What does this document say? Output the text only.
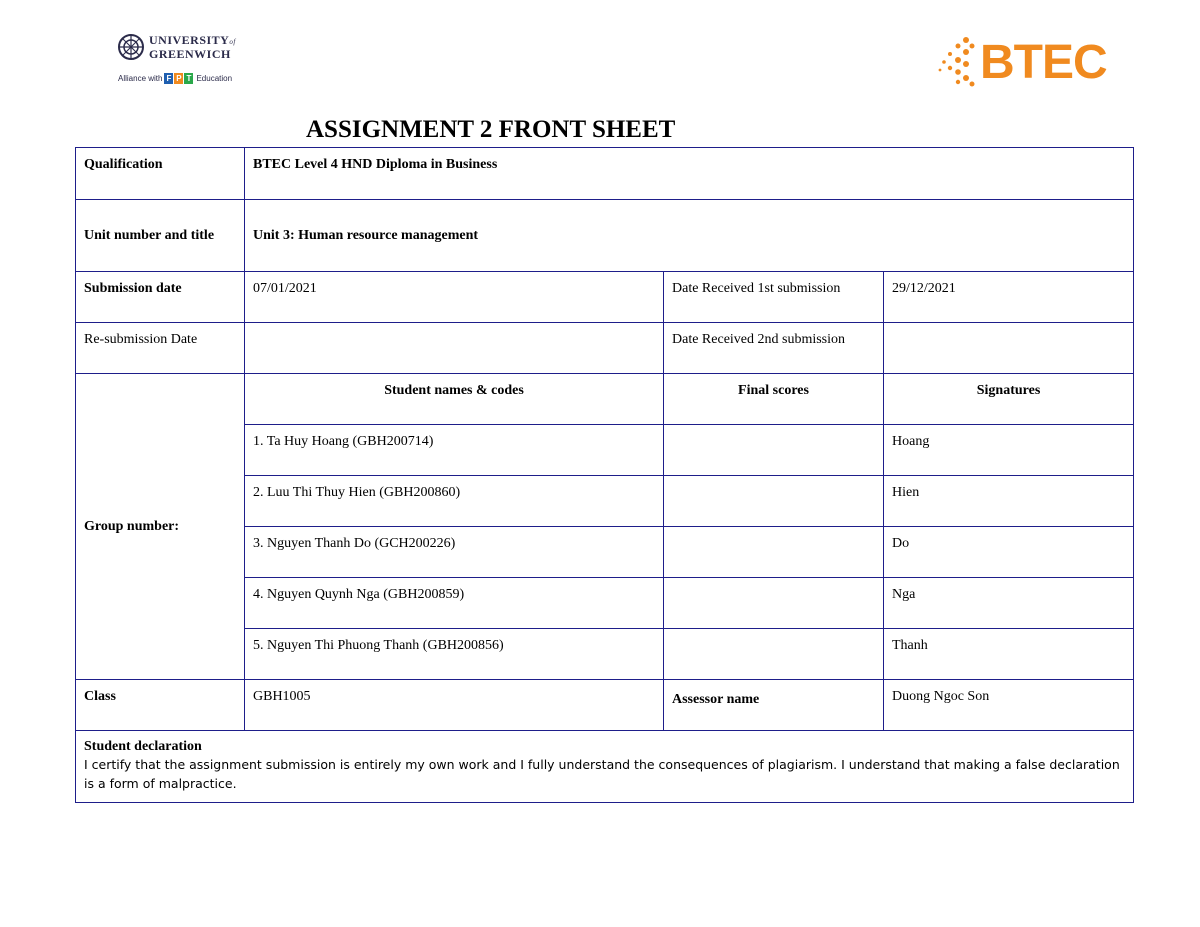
UNIVERSITYof
GREENWICH
Alliance with F P T Education	BTEC
ASSIGNMENT 2 FRONT SHEET
Qualification	BTEC Level 4 HND Diploma in Business		
Unit number and title	Unit 3: Human resource management		
Submission date	07/01/2021	Date Received 1st submission	29/12/2021
Re-submission Date		Date Received 2nd submission	
Group number:	Student names & codes	Final scores	Signatures
	1. Ta Huy Hoang (GBH200714)		Hoang
	2. Luu Thi Thuy Hien (GBH200860)		Hien
	3. Nguyen Thanh Do (GCH200226)		Do
	4. Nguyen Quynh Nga (GBH200859)		Nga
	5. Nguyen Thi Phuong Thanh (GBH200856)		Thanh
Class	GBH1005	Assessor name	Duong Ngoc Son

Student declaration
I certify that the assignment submission is entirely my own work and I fully understand the consequences of plagiarism. I understand that making a false declaration is a form of malpractice.			
